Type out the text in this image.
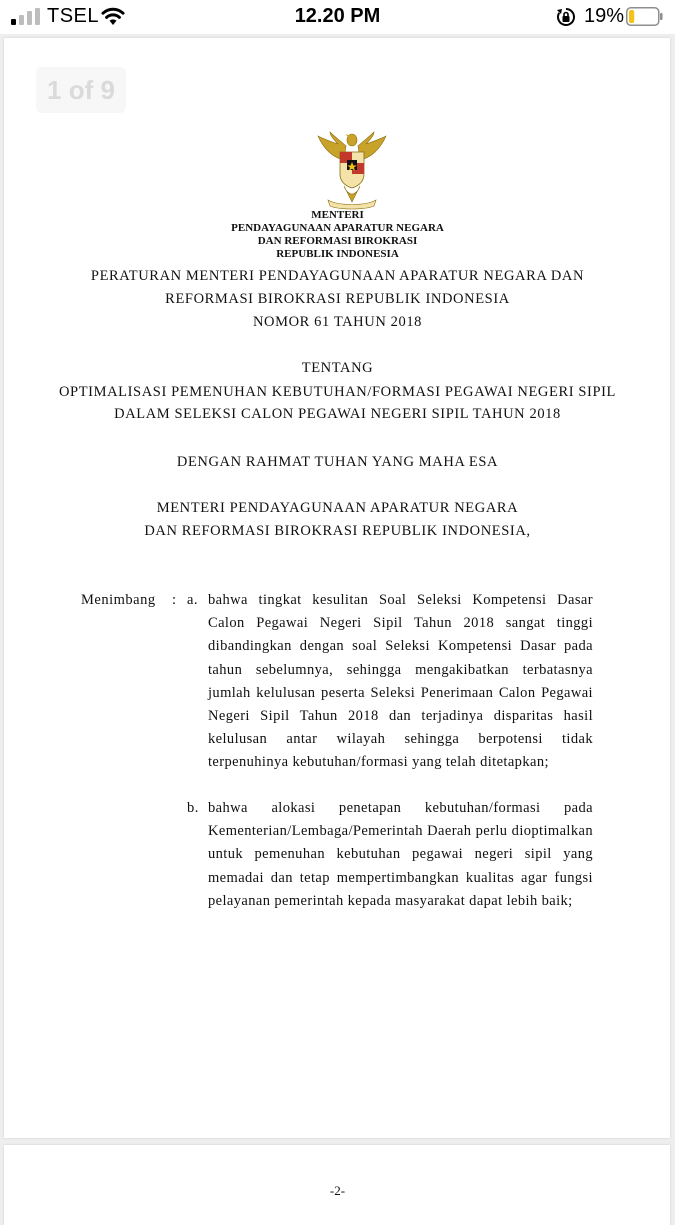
TSEL	12.20 PM	19%
1 of 9
MENTERI
PENDAYAGUNAAN APARATUR NEGARA
DAN REFORMASI BIROKRASI
REPUBLIK INDONESIA
PERATURAN MENTERI PENDAYAGUNAAN APARATUR NEGARA DAN
REFORMASI BIROKRASI REPUBLIK INDONESIA
NOMOR 61 TAHUN 2018
TENTANG
OPTIMALISASI PEMENUHAN KEBUTUHAN/FORMASI PEGAWAI NEGERI SIPIL
DALAM SELEKSI CALON PEGAWAI NEGERI SIPIL TAHUN 2018
DENGAN RAHMAT TUHAN YANG MAHA ESA
MENTERI PENDAYAGUNAAN APARATUR NEGARA
DAN REFORMASI BIROKRASI REPUBLIK INDONESIA,
Menimbang : a. bahwa tingkat kesulitan Soal Seleksi Kompetensi Dasar Calon Pegawai Negeri Sipil Tahun 2018 sangat tinggi dibandingkan dengan soal Seleksi Kompetensi Dasar pada tahun sebelumnya, sehingga mengakibatkan terbatasnya jumlah kelulusan peserta Seleksi Penerimaan Calon Pegawai Negeri Sipil Tahun 2018 dan terjadinya disparitas hasil kelulusan antar wilayah sehingga berpotensi tidak terpenuhinya kebutuhan/formasi yang telah ditetapkan;
b. bahwa alokasi penetapan kebutuhan/formasi pada Kementerian/Lembaga/Pemerintah Daerah perlu dioptimalkan untuk pemenuhan kebutuhan pegawai negeri sipil yang memadai dan tetap mempertimbangkan kualitas agar fungsi pelayanan pemerintah kepada masyarakat dapat lebih baik;
-2-
